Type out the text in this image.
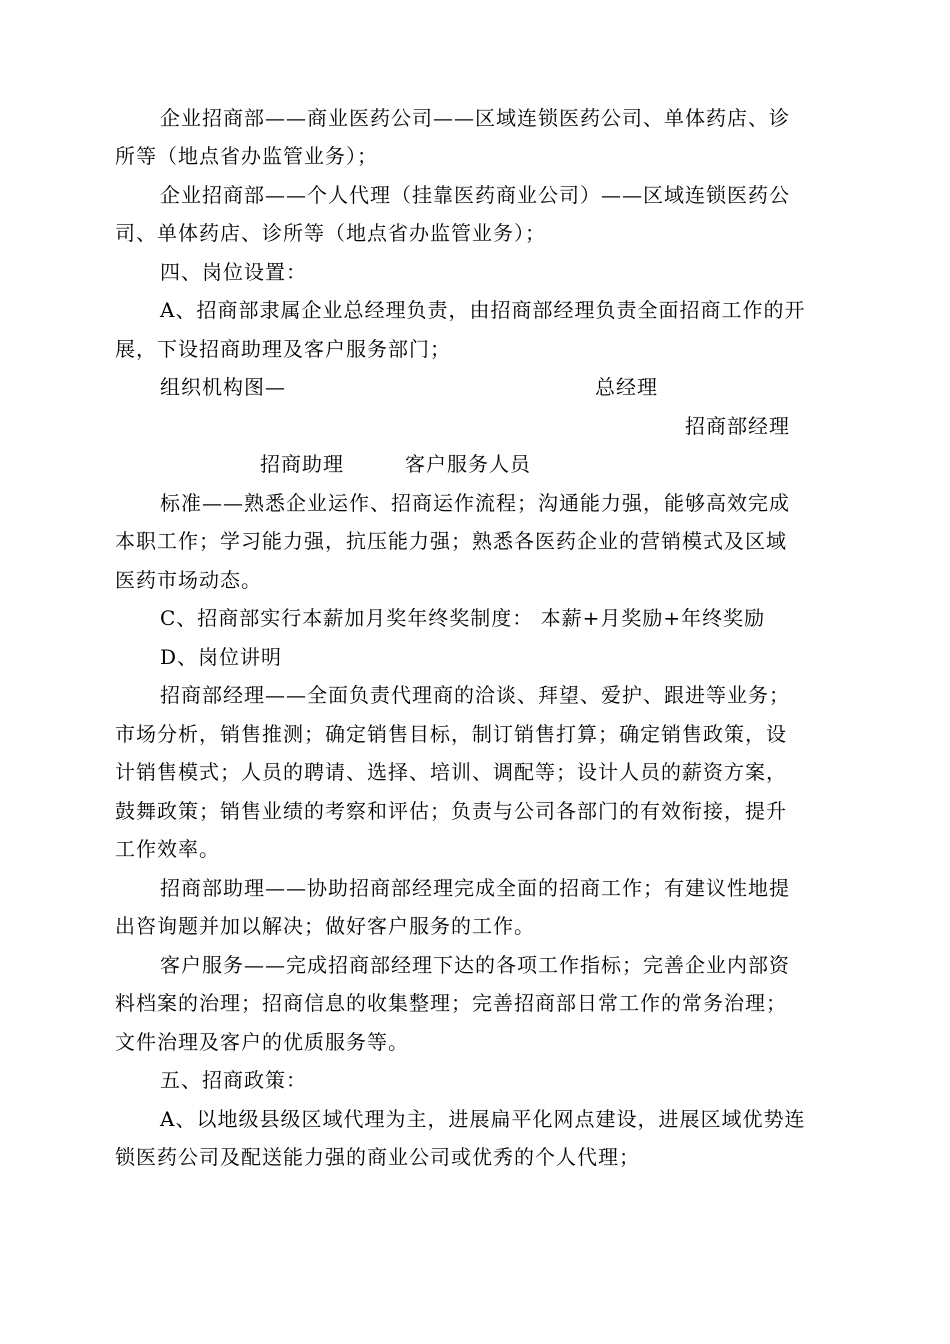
企业招商部——商业医药公司——区域连锁医药公司、单体药店、诊
所等（地点省办监管业务）；
企业招商部——个人代理（挂靠医药商业公司）——区域连锁医药公
司、单体药店、诊所等（地点省办监管业务）；
四、岗位设置：
A、招商部隶属企业总经理负责，由招商部经理负责全面招商工作的开
展，下设招商助理及客户服务部门；
组织机构图—	总经理
招商部经理
招商助理	客户服务人员
标准——熟悉企业运作、招商运作流程；沟通能力强，能够高效完成
本职工作；学习能力强，抗压能力强；熟悉各医药企业的营销模式及区域
医药市场动态。
C、招商部实行本薪加月奖年终奖制度： 本薪+月奖励+年终奖励
D、岗位讲明
招商部经理——全面负责代理商的洽谈、拜望、爱护、跟进等业务；
市场分析，销售推测；确定销售目标，制订销售打算；确定销售政策，设
计销售模式；人员的聘请、选择、培训、调配等；设计人员的薪资方案，
鼓舞政策；销售业绩的考察和评估；负责与公司各部门的有效衔接，提升
工作效率。
招商部助理——协助招商部经理完成全面的招商工作；有建议性地提
出咨询题并加以解决；做好客户服务的工作。
客户服务——完成招商部经理下达的各项工作指标；完善企业内部资
料档案的治理；招商信息的收集整理；完善招商部日常工作的常务治理；
文件治理及客户的优质服务等。
五、招商政策：
A、以地级县级区域代理为主，进展扁平化网点建设，进展区域优势连
锁医药公司及配送能力强的商业公司或优秀的个人代理；
